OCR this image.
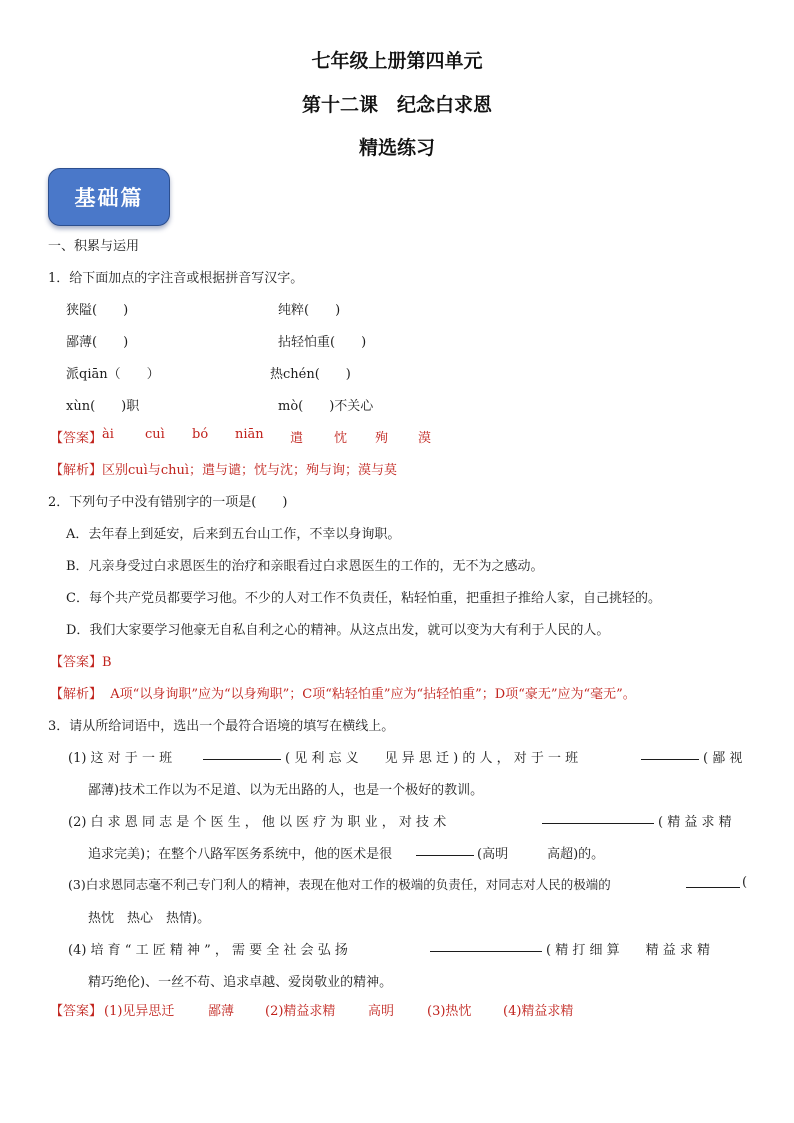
七年级上册第四单元
第十二课　纪念白求恩
精选练习
基础篇
一、积累与运用
1．给下面加点的字注音或根据拼音写汉字。
狭隘(　　)	纯粹(　　)
鄙薄(　　)	拈轻怕重(　　)
派qiān（　　）	热chén(　　)
xùn(　　)职	mò(　　)不关心
【答案】 ài cuì bó niān 遣 忱 殉 漠
【解析】区别cuì与chuì；遣与谴；忱与沈；殉与询；漠与莫
2．下列句子中没有错别字的一项是(　　)
A．去年春上到延安，后来到五台山工作，不幸以身询职。
B．凡亲身受过白求恩医生的治疗和亲眼看过白求恩医生的工作的，无不为之感动。
C．每个共产党员都要学习他。不少的人对工作不负责任，粘轻怕重，把重担子推给人家，自己挑轻的。
D．我们大家要学习他豪无自私自利之心的精神。从这点出发，就可以变为大有利于人民的人。
【答案】B
【解析】 A项“以身询职”应为“以身殉职”；C项“粘轻怕重”应为“拈轻怕重”；D项“豪无”应为“毫无”。
3．请从所给词语中，选出一个最符合语境的填写在横线上。
(1) 这 对 于 一 班	( 见 利 忘 义　　见 异 思 迁 ) 的 人 ， 对 于 一 班	( 鄙 视
鄙薄)技术工作以为不足道、以为无出路的人，也是一个极好的教训。
(2) 白 求 恩 同 志 是 个 医 生 ， 他 以 医 疗 为 职 业 ， 对 技 术	( 精 益 求 精
追求完美)；在整个八路军医务系统中，他的医术是很	(高明　　　高超)的。
(3)白求恩同志毫不利己专门利人的精神，表现在他对工作的极端的负责任，对同志对人民的极端的	(
热忱　热心　热情)。
(4) 培 育 “ 工 匠 精 神 ” ， 需 要 全 社 会 弘 扬	( 精 打 细 算　　精 益 求 精
精巧绝伦)、一丝不苟、追求卓越、爱岗敬业的精神。
【答案】 (1)见异思迁	鄙薄 (2)精益求精	高明	(3)热忱 (4)精益求精
